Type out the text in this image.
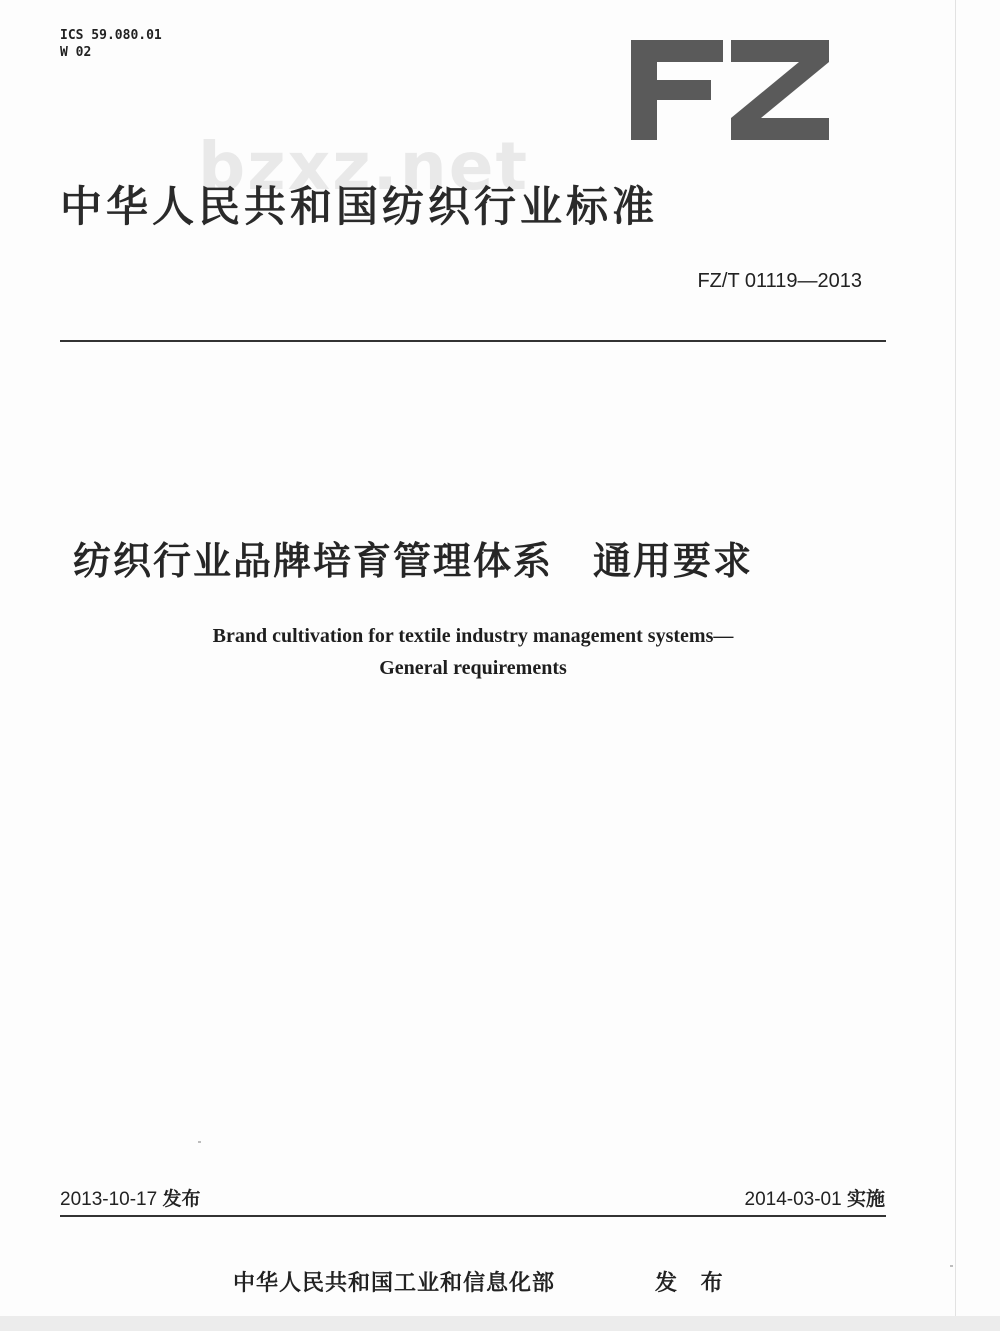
ICS 59.080.01
W 02
bzxz.net
中华人民共和国纺织行业标准
FZ/T 01119—2013
纺织行业品牌培育管理体系　通用要求
Brand cultivation for textile industry management systems—
General requirements
2013-10-17 发布	2014-03-01 实施
中华人民共和国工业和信息化部	发 布
